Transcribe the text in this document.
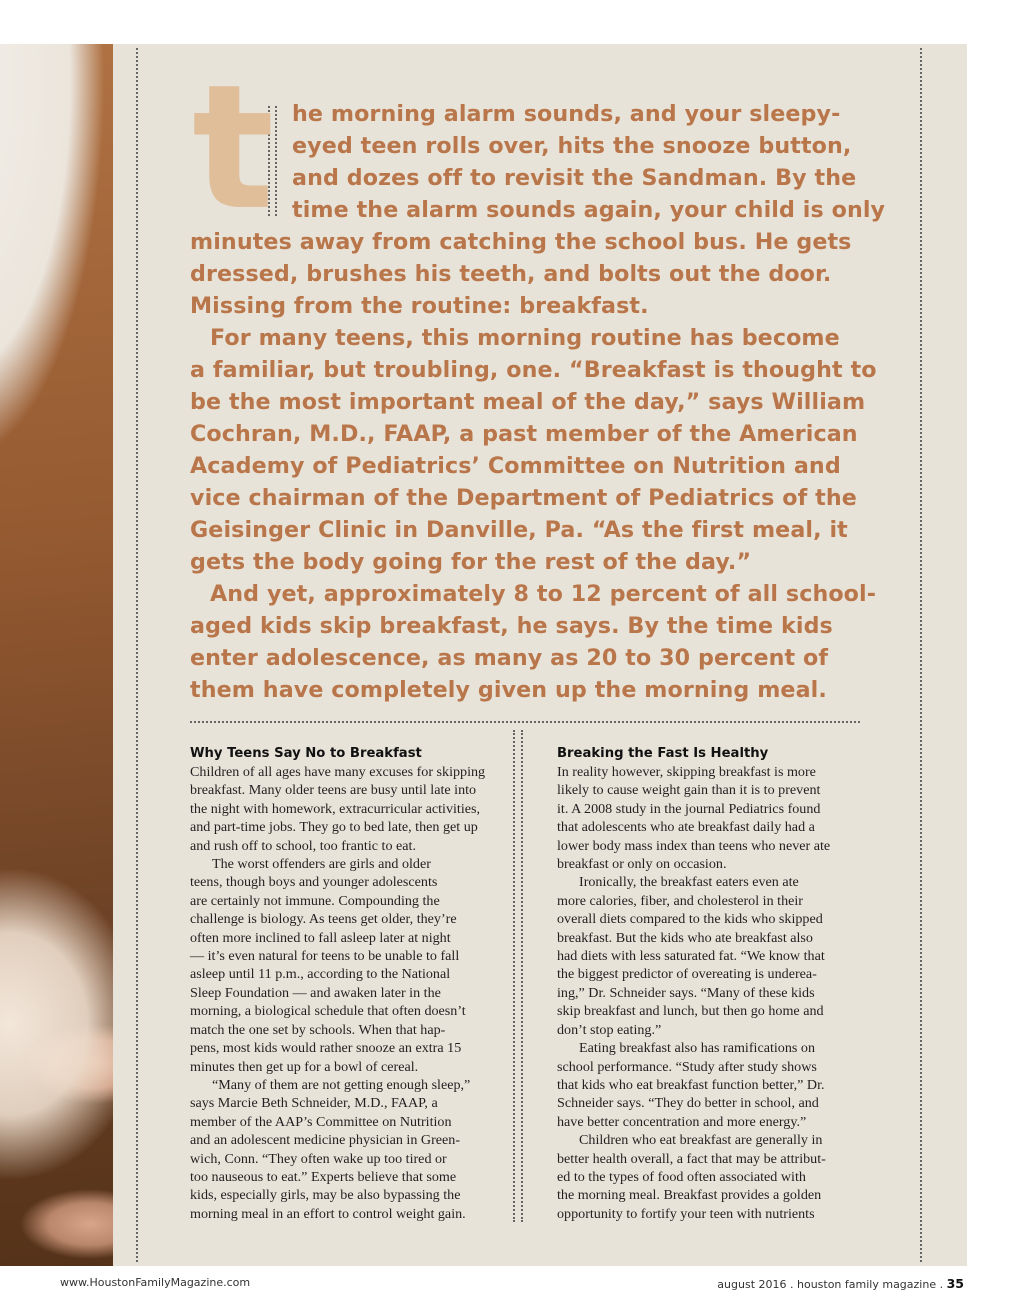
t he morning alarm sounds, and your sleepy-
eyed teen rolls over, hits the snooze button,
and dozes off to revisit the Sandman. By the
time the alarm sounds again, your child is only
minutes away from catching the school bus. He gets
dressed, brushes his teeth, and bolts out the door.
Missing from the routine: breakfast.

For many teens, this morning routine has become
a familiar, but troubling, one. “Breakfast is thought to
be the most important meal of the day,” says William
Cochran, M.D., FAAP, a past member of the American
Academy of Pediatrics’ Committee on Nutrition and
vice chairman of the Department of Pediatrics of the
Geisinger Clinic in Danville, Pa. “As the first meal, it
gets the body going for the rest of the day.”

And yet, approximately 8 to 12 percent of all school-
aged kids skip breakfast, he says. By the time kids
enter adolescence, as many as 20 to 30 percent of
them have completely given up the morning meal.

Why Teens Say No to Breakfast

Children of all ages have many excuses for skipping
breakfast. Many older teens are busy until late into
the night with homework, extracurricular activities,
and part-time jobs. They go to bed late, then get up
and rush off to school, too frantic to eat.

The worst offenders are girls and older
teens, though boys and younger adolescents
are certainly not immune. Compounding the
challenge is biology. As teens get older, they’re
often more inclined to fall asleep later at night
— it’s even natural for teens to be unable to fall
asleep until 11 p.m., according to the National
Sleep Foundation — and awaken later in the
morning, a biological schedule that often doesn’t
match the one set by schools. When that hap-
pens, most kids would rather snooze an extra 15
minutes then get up for a bowl of cereal.

“Many of them are not getting enough sleep,”
says Marcie Beth Schneider, M.D., FAAP, a
member of the AAP’s Committee on Nutrition
and an adolescent medicine physician in Green-
wich, Conn. “They often wake up too tired or
too nauseous to eat.” Experts believe that some
kids, especially girls, may be also bypassing the
morning meal in an effort to control weight gain.

Breaking the Fast Is Healthy

In reality however, skipping breakfast is more
likely to cause weight gain than it is to prevent
it. A 2008 study in the journal Pediatrics found
that adolescents who ate breakfast daily had a
lower body mass index than teens who never ate
breakfast or only on occasion.

Ironically, the breakfast eaters even ate
more calories, fiber, and cholesterol in their
overall diets compared to the kids who skipped
breakfast. But the kids who ate breakfast also
had diets with less saturated fat. “We know that
the biggest predictor of overeating is underea-
ing,” Dr. Schneider says. “Many of these kids
skip breakfast and lunch, but then go home and
don’t stop eating.”

Eating breakfast also has ramifications on
school performance. “Study after study shows
that kids who eat breakfast function better,” Dr.
Schneider says. “They do better in school, and
have better concentration and more energy.”

Children who eat breakfast are generally in
better health overall, a fact that may be attribut-
ed to the types of food often associated with
the morning meal. Breakfast provides a golden
opportunity to fortify your teen with nutrients

www.HoustonFamilyMagazine.com	august 2016 . houston family magazine . 35
